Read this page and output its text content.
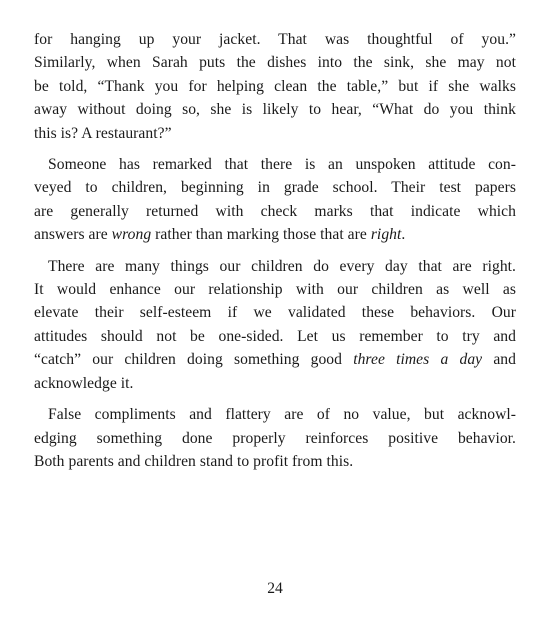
for hanging up your jacket. That was thoughtful of you.”
Similarly, when Sarah puts the dishes into the sink, she may not
be told, “Thank you for helping clean the table,” but if she walks
away without doing so, she is likely to hear, “What do you think
this is? A restaurant?”

Someone has remarked that there is an unspoken attitude con-
veyed to children, beginning in grade school. Their test papers
are generally returned with check marks that indicate which
answers are wrong rather than marking those that are right.

There are many things our children do every day that are right.
It would enhance our relationship with our children as well as
elevate their self-esteem if we validated these behaviors. Our
attitudes should not be one-sided. Let us remember to try and
“catch” our children doing something good three times a day and
acknowledge it.

False compliments and flattery are of no value, but acknowl-
edging something done properly reinforces positive behavior.
Both parents and children stand to profit from this.

24
